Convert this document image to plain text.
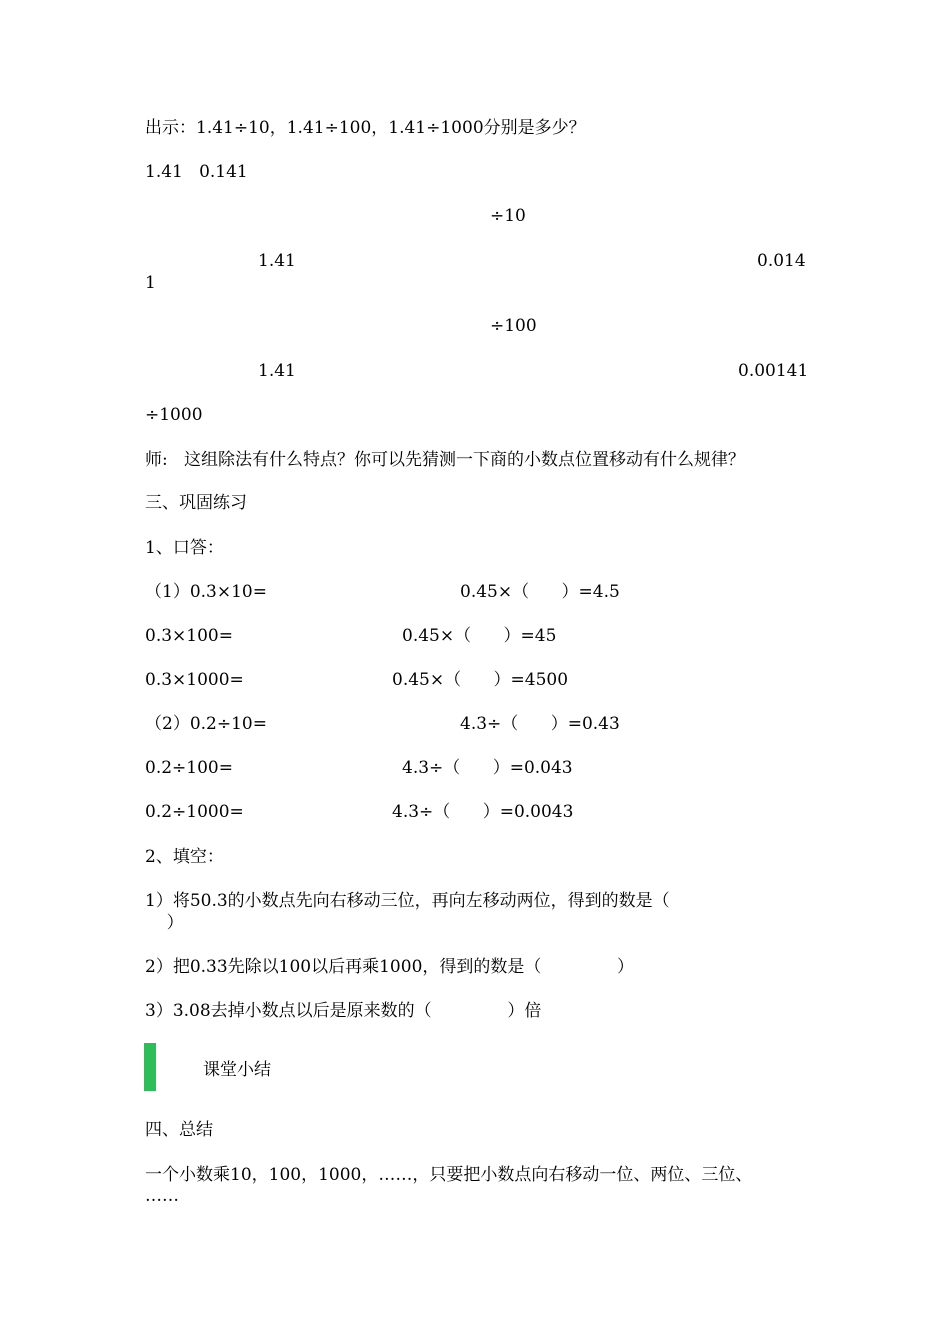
出示：1.41÷10，1.41÷100，1.41÷1000分别是多少？
1.41   0.141
÷10
1.41	0.014
1
÷100
1.41	0.00141
÷1000
师:   这组除法有什么特点？你可以先猜测一下商的小数点位置移动有什么规律？
三、巩固练习
1、口答：
（1）0.3×10=	0.45×（      ）=4.5
0.3×100=	0.45×（      ）=45
0.3×1000=	0.45×（      ）=4500
（2）0.2÷10=	4.3÷（      ）=0.43
0.2÷100=	4.3÷（      ）=0.043
0.2÷1000=	4.3÷（      ）=0.0043
2、填空：
1）将50.3的小数点先向右移动三位，再向左移动两位，得到的数是（
）
2）把0.33先除以100以后再乘1000，得到的数是（              ）
3）3.08去掉小数点以后是原来数的（              ）倍
课堂小结
四、总结
一个小数乘10，100，1000，……，只要把小数点向右移动一位、两位、三位、
……
